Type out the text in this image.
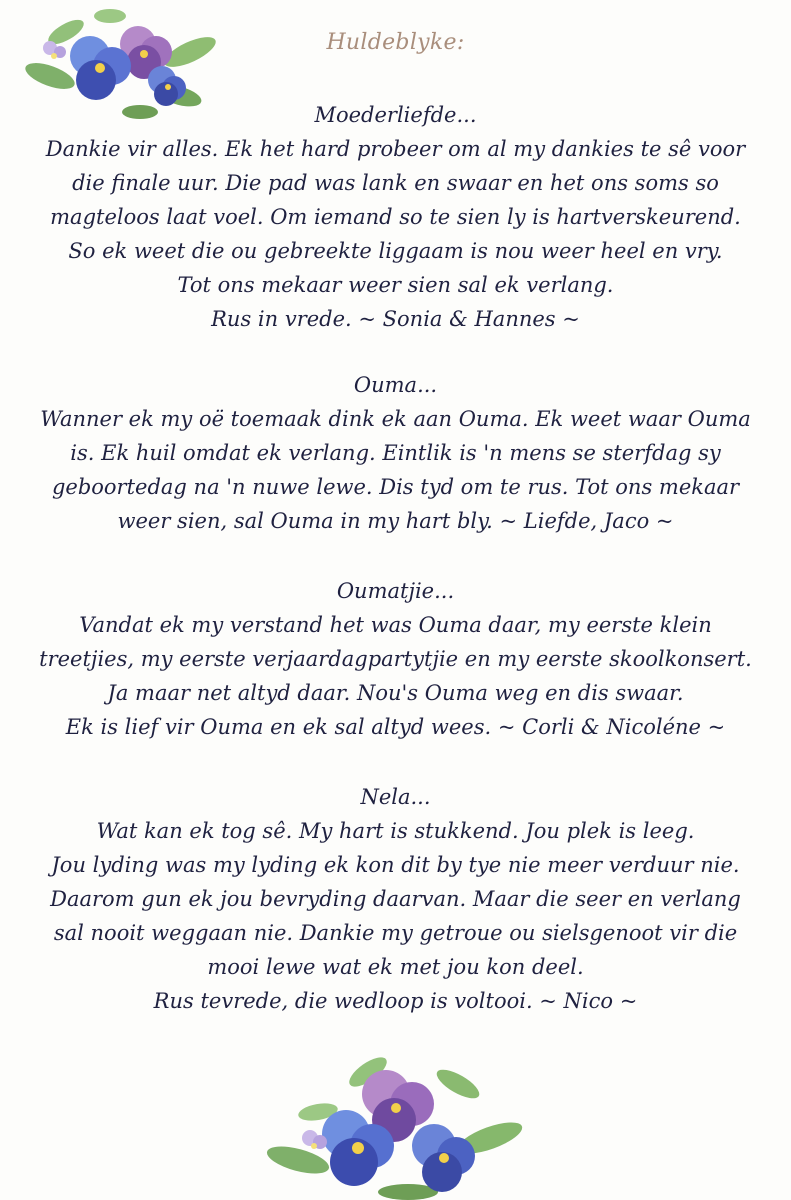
Huldeblyke:
Moederliefde...
Dankie vir alles. Ek het hard probeer om al my dankies te sê voor
die finale uur. Die pad was lank en swaar en het ons soms so
magteloos laat voel. Om iemand so te sien ly is hartverskeurend.
So ek weet die ou gebreekte liggaam is nou weer heel en vry.
Tot ons mekaar weer sien sal ek verlang.
Rus in vrede. ~ Sonia & Hannes ~
Ouma...
Wanner ek my oë toemaak dink ek aan Ouma. Ek weet waar Ouma
is. Ek huil omdat ek verlang. Eintlik is 'n mens se sterfdag sy
geboortedag na 'n nuwe lewe. Dis tyd om te rus. Tot ons mekaar
weer sien, sal Ouma in my hart bly. ~ Liefde, Jaco ~
Oumatjie...
Vandat ek my verstand het was Ouma daar, my eerste klein
treetjies, my eerste verjaardagpartytjie en my eerste skoolkonsert.
Ja maar net altyd daar. Nou's Ouma weg en dis swaar.
Ek is lief vir Ouma en ek sal altyd wees. ~ Corli & Nicoléne ~
Nela...
Wat kan ek tog sê. My hart is stukkend. Jou plek is leeg.
Jou lyding was my lyding ek kon dit by tye nie meer verduur nie.
Daarom gun ek jou bevryding daarvan. Maar die seer en verlang
sal nooit weggaan nie. Dankie my getroue ou sielsgenoot vir die
mooi lewe wat ek met jou kon deel.
Rus tevrede, die wedloop is voltooi. ~ Nico ~
